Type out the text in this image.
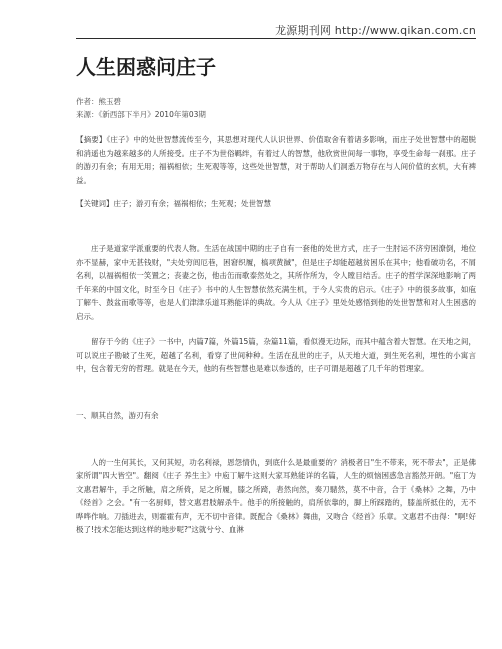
龙源期刊网 http://www.qikan.com.cn
人生困惑问庄子
作者：熊玉碧
来源：《新西部下半月》2010年第03期
【摘要】《庄子》中的处世智慧流传至今，其思想对现代人认识世界、价值取舍有着诸多影响，而庄子处世智慧中的超脱和消遥也为越来越多的人所接受。庄子不为世俗羁绊，有着过人的智慧，他欣赏世间每一事物，享受生命每一刹那。庄子的游刃有余；有用无用；福祸相依；生死观等等，这些处世智慧，对于帮助人们洞悉万物存在与人间价值的玄机，大有裨益。
【关键词】庄子；游刃有余；福祸相依；生死观；处世智慧

庄子是道家学派重要的代表人物。生活在战国中期的庄子自有一套他的处世方式，庄子一生肘运不济穷困潦倒，地位亦不显赫，家中无甚钱财，"夫处穷闾厄巷，困窘织履，槁项黄馘"，但是庄子却能超越贫困乐在其中；他看破功名，不屑名利，以福祸相依一笑置之；丧妻之伤，他击缶而歌泰然处之，其所作所为，令人瞠目结舌。庄子的哲学深深地影响了两千年来的中国文化，时至今日《庄子》书中的人生智慧依然充满生机，于今人实贵的启示。《庄子》中的很多故事，如庖丁解牛、鼓盆而歌等等，也是人们津津乐道耳熟能详的典故。今人从《庄子》里处处感悟到他的处世智慧和对人生困惑的启示。

留存于今的《庄子》一书中，内篇7篇，外篇15篇，杂篇11篇，看似漫无边际，而其中蕴含着大智慧。在天地之间，可以说庄子勘破了生死，超越了名利，看穿了世间种种。生活在乱世的庄子，从天地大道，到生死名利，埋性的小寓言中，包含着无穷的哲理。就是在今天，他的有些智慧也是难以参透的，庄子可谓是超越了几千年的哲理家。

一、顺其自然，游刃有余

人的一生何其长，又何其短，功名利禄，恩怨情仇，到底什么是最重要的？消极者日"生不带来，死不带去"，正是佛家所谓"四大皆空"。翻阅《庄子 养生主》中庖丁解牛这则大家耳熟能详的名篇，人生的烦恼困惑急言豁然开朗。"庖丁为文惠君解牛，手之所触，肩之所倚，足之所履，膝之所踦，砉然向然，奏刀騞然，莫不中音，合于《桑林》之舞，乃中《经首》之会。"有一名厨师，替文惠君肢解杀牛。他手的所接触的，肩所依靠的，脚上所踩踏的，膝盖所抵住的，无不哗哗作响。刀插进去，则霍霍有声，无不切中音律。既配合《桑林》舞曲，又吻合《经首》乐章。文惠君不由得："啊!好极了!技术怎能达到这样的地步呢?"这就兮兮、血淋
